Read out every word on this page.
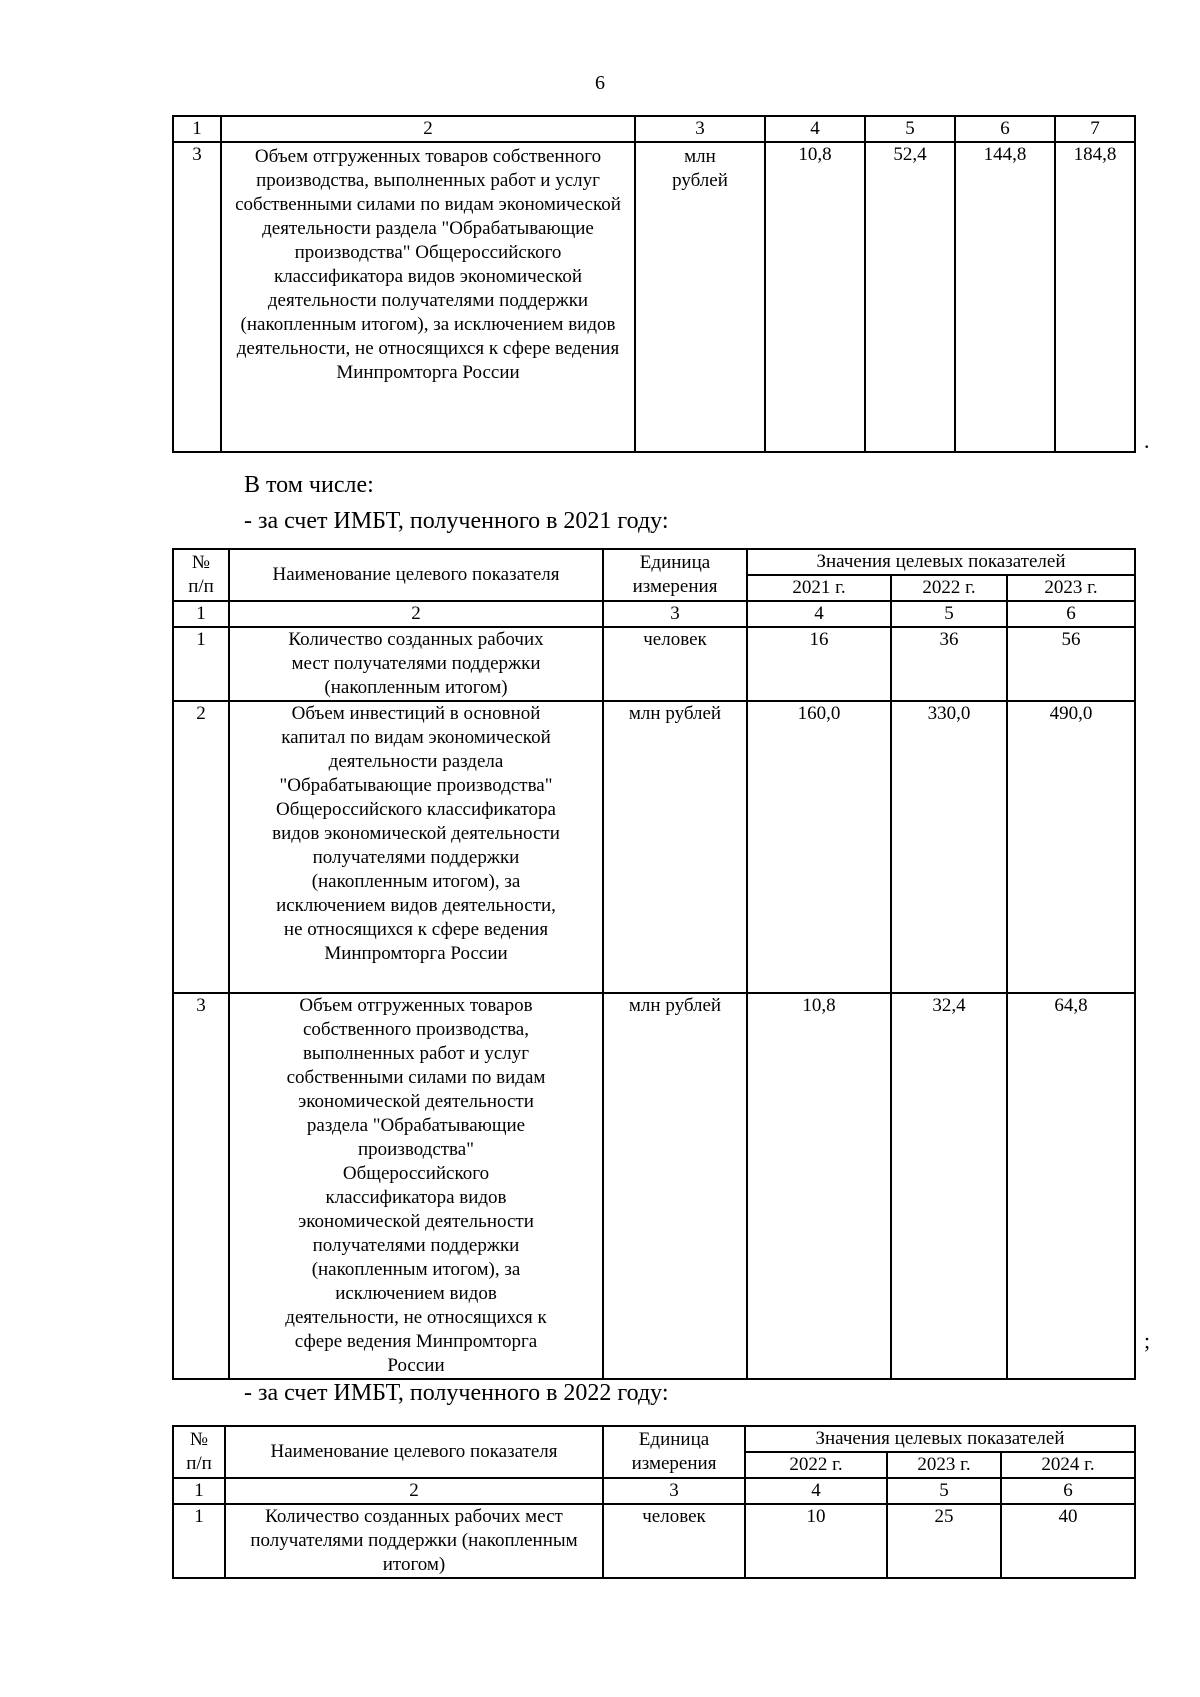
6
1	2	3	4	5	6	7
3	Объем отгруженных товаров собственного производства, выполненных работ и услуг собственными силами по видам экономической деятельности раздела "Обрабатывающие производства" Общероссийского классификатора видов экономической деятельности получателями поддержки (накопленным итогом), за исключением видов деятельности, не относящихся к сфере ведения Минпромторга России	млн рублей	10,8	52,4	144,8	184,8
.
В том числе:
- за счет ИМБТ, полученного в 2021 году:
№ п/п	Наименование целевого показателя	Единица измерения	Значения целевых показателей		
			2021 г.	2022 г.	2023 г.
1	2	3	4	5	6
1	Количество созданных рабочих мест получателями поддержки (накопленным итогом)	человек	16	36	56
2	Объем инвестиций в основной капитал по видам экономической деятельности раздела "Обрабатывающие производства" Общероссийского классификатора видов экономической деятельности получателями поддержки (накопленным итогом), за исключением видов деятельности, не относящихся к сфере ведения Минпромторга России	млн рублей	160,0	330,0	490,0
3	Объем отгруженных товаров собственного производства, выполненных работ и услуг собственными силами по видам экономической деятельности раздела "Обрабатывающие производства" Общероссийского классификатора видов экономической деятельности получателями поддержки (накопленным итогом), за исключением видов деятельности, не относящихся к сфере ведения Минпромторга России	млн рублей	10,8	32,4	64,8
;
- за счет ИМБТ, полученного в 2022 году:
№ п/п	Наименование целевого показателя	Единица измерения	Значения целевых показателей		
			2022 г.	2023 г.	2024 г.
1	2	3	4	5	6
1	Количество созданных рабочих мест получателями поддержки (накопленным итогом)	человек	10	25	40
